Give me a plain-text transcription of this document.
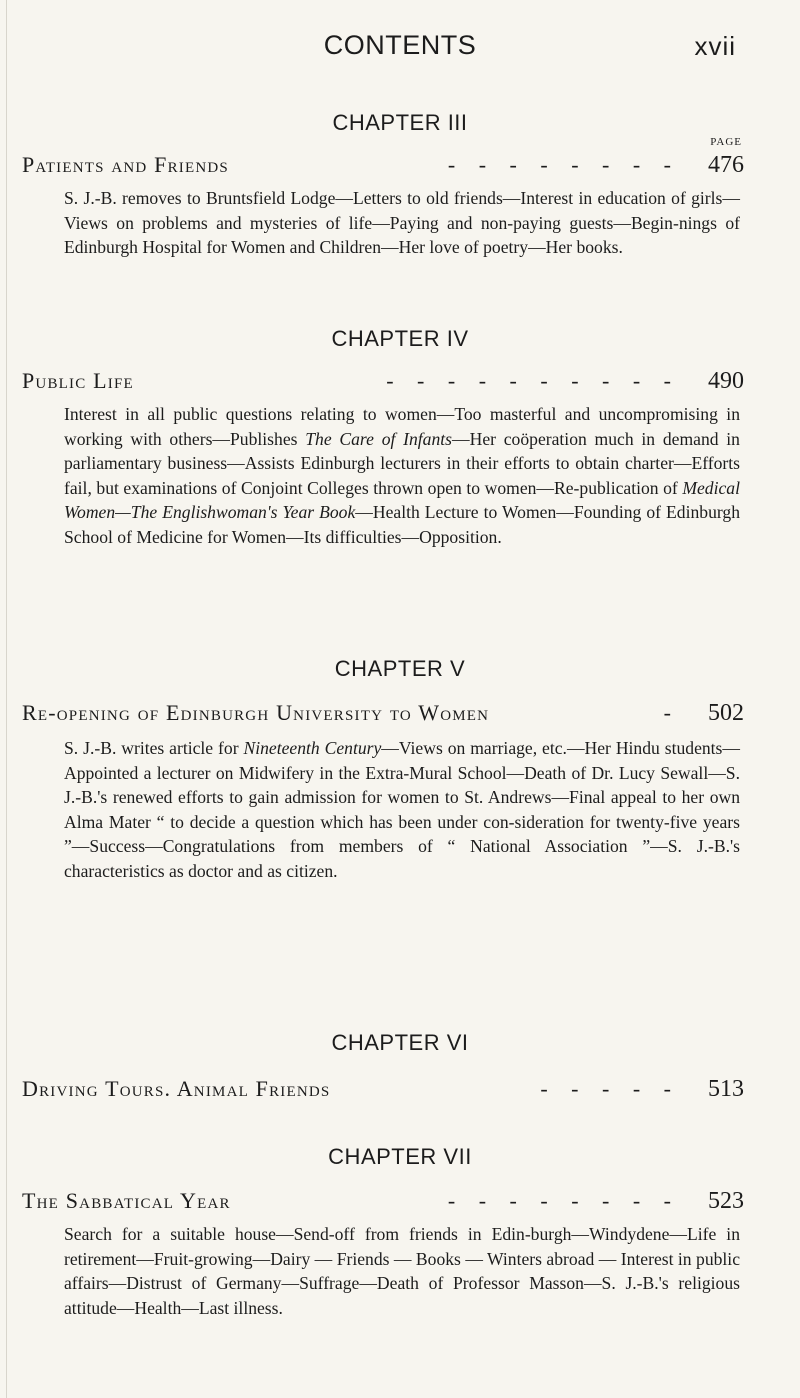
CONTENTS	xvii
CHAPTER III
PAGE
Patients and Friends	- - - - - - - - 476
S. J.-B. removes to Bruntsfield Lodge—Letters to old friends—Interest in education of girls—Views on problems and mysteries of life—Paying and non-paying guests—Begin-nings of Edinburgh Hospital for Women and Children—Her love of poetry—Her books.
CHAPTER IV
Public Life	- - - - - - - - - - 490
Interest in all public questions relating to women—Too masterful and uncompromising in working with others—Publishes The Care of Infants—Her coöperation much in demand in parliamentary business—Assists Edinburgh lecturers in their efforts to obtain charter—Efforts fail, but examinations of Conjoint Colleges thrown open to women—Re-publication of Medical Women—The Englishwoman's Year Book—Health Lecture to Women—Founding of Edinburgh School of Medicine for Women—Its difficulties—Opposition.
CHAPTER V
Re-opening of Edinburgh University to Women	- 502
S. J.-B. writes article for Nineteenth Century—Views on marriage, etc.—Her Hindu students—Appointed a lecturer on Midwifery in the Extra-Mural School—Death of Dr. Lucy Sewall—S. J.-B.'s renewed efforts to gain admission for women to St. Andrews—Final appeal to her own Alma Mater “ to decide a question which has been under con-sideration for twenty-five years ”—Success—Congratulations from members of “ National Association ”—S. J.-B.'s characteristics as doctor and as citizen.
CHAPTER VI
Driving Tours. Animal Friends	- - - - - 513
CHAPTER VII
The Sabbatical Year	- - - - - - - - 523
Search for a suitable house—Send-off from friends in Edin-burgh—Windydene—Life in retirement—Fruit-growing—Dairy — Friends — Books — Winters abroad — Interest in public affairs—Distrust of Germany—Suffrage—Death of Professor Masson—S. J.-B.'s religious attitude—Health—Last illness.
